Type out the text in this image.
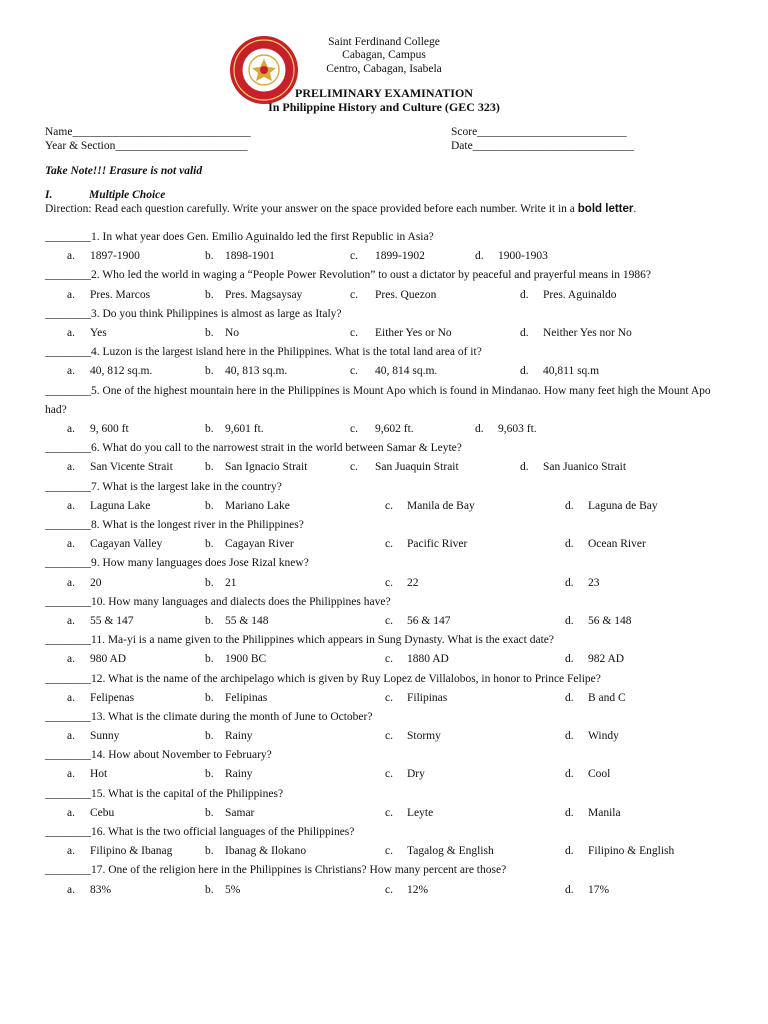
Saint Ferdinand College
Cabagan, Campus
Centro, Cabagan, Isabela
PRELIMINARY EXAMINATION
In Philippine History and Culture (GEC 323)
Name_______________________________
Year & Section_______________________
Score__________________________
Date____________________________
Take Note!!! Erasure is not valid
I.	Multiple Choice
Direction: Read each question carefully. Write your answer on the space provided before each number. Write it in a bold letter.
________1. In what year does Gen. Emilio Aguinaldo led the first Republic in Asia?
a. 1897-1900	b. 1898-1901	c. 1899-1902	d. 1900-1903
________2. Who led the world in waging a “People Power Revolution” to oust a dictator by peaceful and prayerful means in 1986?
a. Pres. Marcos	b. Pres. Magsaysay	c. Pres. Quezon	d. Pres. Aguinaldo
________3. Do you think Philippines is almost as large as Italy?
a. Yes	b. No	c. Either Yes or No	d. Neither Yes nor No
________4. Luzon is the largest island here in the Philippines. What is the total land area of it?
a. 40, 812 sq.m.	b. 40, 813 sq.m.	c. 40, 814 sq.m.	d. 40,811 sq.m
________5. One of the highest mountain here in the Philippines is Mount Apo which is found in Mindanao. How many feet high the Mount Apo had?
a. 9, 600 ft	b. 9,601 ft.	c. 9,602 ft.	d. 9,603 ft.
________6. What do you call to the narrowest strait in the world between Samar & Leyte?
a. San Vicente Strait	b. San Ignacio Strait	c. San Juaquin Strait	d. San Juanico Strait
________7. What is the largest lake in the country?
a. Laguna Lake	b. Mariano Lake	c. Manila de Bay	d. Laguna de Bay
________8. What is the longest river in the Philippines?
a. Cagayan Valley	b. Cagayan River	c. Pacific River	d. Ocean River
________9. How many languages does Jose Rizal knew?
a. 20	b. 21	c. 22	d. 23
________10. How many languages and dialects does the Philippines have?
a. 55 & 147	b. 55 & 148	c. 56 & 147	d. 56 & 148
________11. Ma-yi is a name given to the Philippines which appears in Sung Dynasty. What is the exact date?
a. 980 AD	b. 1900 BC	c. 1880 AD	d. 982 AD
________12. What is the name of the archipelago which is given by Ruy Lopez de Villalobos, in honor to Prince Felipe?
a. Felipenas	b. Felipinas	c. Filipinas	d. B and C
________13. What is the climate during the month of June to October?
a. Sunny	b. Rainy	c. Stormy	d. Windy
________14. How about November to February?
a. Hot	b. Rainy	c. Dry	d. Cool
________15. What is the capital of the Philippines?
a. Cebu	b. Samar	c. Leyte	d. Manila
________16. What is the two official languages of the Philippines?
a. Filipino & Ibanag	b. Ibanag & Ilokano	c. Tagalog & English	d. Filipino & English
________17. One of the religion here in the Philippines is Christians? How many percent are those?
a. 83%	b. 5%	c. 12%	d. 17%
